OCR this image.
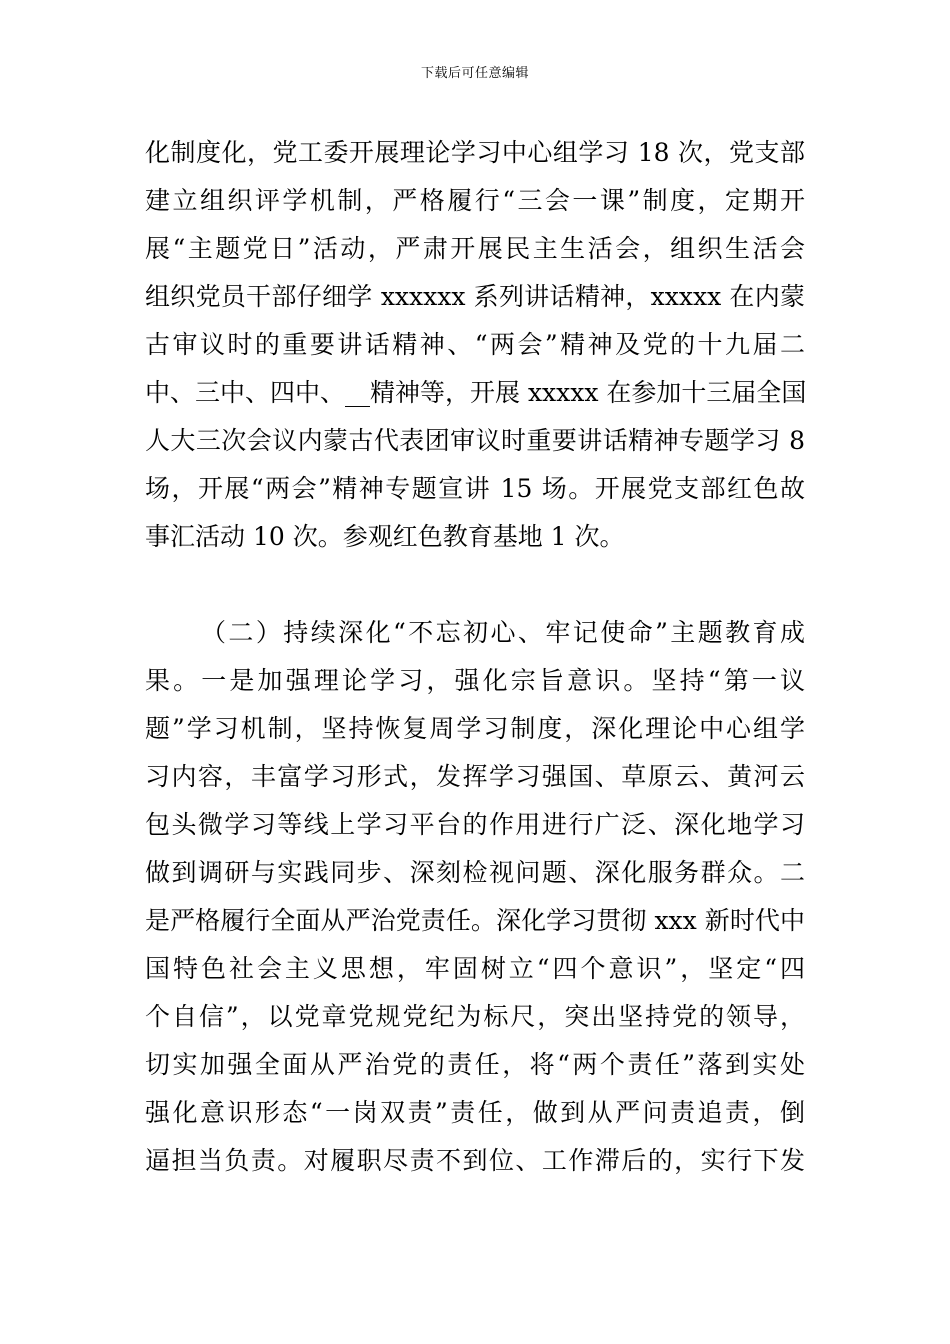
下载后可任意编辑
化制度化，党工委开展理论学习中心组学习 18 次，党支部
建立组织评学机制，严格履行“三会一课”制度，定期开
展“主题党日”活动，严肃开展民主生活会，组织生活会
组织党员干部仔细学 xxxxxx 系列讲话精神，xxxxx 在内蒙
古审议时的重要讲话精神、“两会”精神及党的十九届二
中、三中、四中、__精神等，开展 xxxxx 在参加十三届全国
人大三次会议内蒙古代表团审议时重要讲话精神专题学习 8
场，开展“两会”精神专题宣讲 15 场。开展党支部红色故
事汇活动 10 次。参观红色教育基地 1 次。
（二）持续深化“不忘初心、牢记使命”主题教育成
果。一是加强理论学习，强化宗旨意识。坚持“第一议
题”学习机制，坚持恢复周学习制度，深化理论中心组学
习内容，丰富学习形式，发挥学习强国、草原云、黄河云
包头微学习等线上学习平台的作用进行广泛、深化地学习
做到调研与实践同步、深刻检视问题、深化服务群众。二
是严格履行全面从严治党责任。深化学习贯彻 xxx 新时代中
国特色社会主义思想，牢固树立“四个意识”，坚定“四
个自信”，以党章党规党纪为标尺，突出坚持党的领导，
切实加强全面从严治党的责任，将“两个责任”落到实处
强化意识形态“一岗双责”责任，做到从严问责追责，倒
逼担当负责。对履职尽责不到位、工作滞后的，实行下发
